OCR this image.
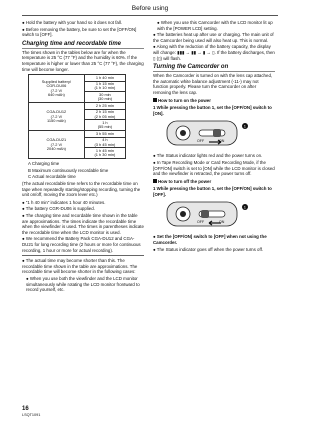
Before using
● Hold the battery with your hand so it does not fall.
● Before removing the battery, be sure to set the [OFF/ON] switch to [OFF].
Charging time and recordable time
The times shown in the tables below are for when the temperature is 25 °C (77 °F) and the humidity is 60%. If the temperature is higher or lower than 25 °C (77 °F), the charging time will become longer.
Supplied battery/
CGR-DU06
(7.2 V/
640 mAh)	1 h 40 min
	1 h 15 min
(1 h 10 min)
	30 min
(30 min)
CGA-DU12
(7.2 V/
1150 mAh)	2 h 25 min
	2 h 15 min
(2 h 05 min)
	1 h
(55 min)
CGA-DU21
(7.2 V/
2040 mAh)	3 h 55 min
	4 h
(3 h 45 min)
	1 h 45 min
(1 h 30 min)
A Charging time
B Maximum continuously recordable time
C Actual recordable time
(The actual recordable time refers to the recordable time on tape when repeatedly starting/stopping recording, turning the unit on/off, moving the zoom lever etc.)
● “1 h 40 min” indicates 1 hour 40 minutes.
● The battery CGR-DU06 is supplied.
● The charging time and recordable time shown in the table are approximations. The times indicate the recordable time when the viewfinder is used. The times in parentheses indicate the recordable time when the LCD monitor is used.
● We recommend the Battery Pack CGA-DU12 and CGA-DU21 for long recording time (2 hours or more for continuous recording, 1 hour or more for actual recording).
● The actual time may become shorter than this. The recordable time shown in the table are approximations. The recordable time will become shorter in the following cases:
● When you use both the viewfinder and the LCD monitor simultaneously while rotating the LCD monitor frontward to record yourself, etc.
● When you use this Camcorder with the LCD monitor lit up with the [POWER LCD] setting.
● The batteries heat up after use or charging. The main unit of the Camcorder being used will also heat up. This is normal.
● Along with the reduction of the battery capacity, the display will change: ▮▮▮ → ▮▮ → ▮ → ▯. If the battery discharges, then ▯ (▯) will flash.
Turning the Camcorder on
When the Camcorder is turned on with the lens cap attached, the automatic white balance adjustment (-11-) may not function properly. Please turn the Camcorder on after removing the lens cap.
How to turn on the power
1 While pressing the button 1, set the [OFF/ON] switch to [ON].
1
OFF	ON
● The Status indicator lights red and the power turns on.
● In Tape Recording Mode or Card Recording Mode, if the [OFF/ON] switch is set to [ON] while the LCD monitor is closed and the viewfinder is retracted, the power turns off.
How to turn off the power
1 While pressing the button 1, set the [OFF/ON] switch to [OFF].
1
OFF	ON
● Set the [OFF/ON] switch to [OFF] when not using the Camcorder.
● The Status indicator goes off when the power turns off.
16
LSQT1091
